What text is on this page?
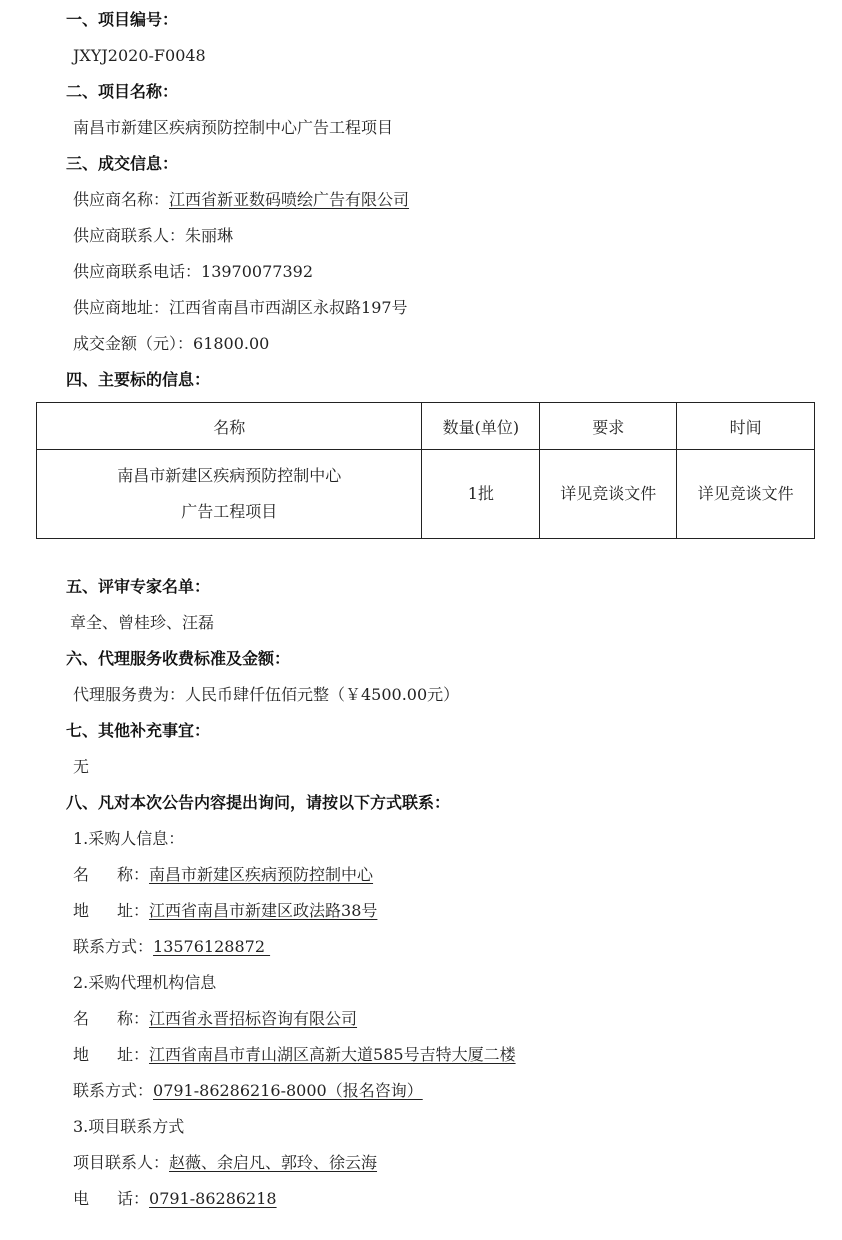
一、项目编号：
JXYJ2020-F0048
二、项目名称：
南昌市新建区疾病预防控制中心广告工程项目
三、成交信息：
供应商名称：江西省新亚数码喷绘广告有限公司
供应商联系人：朱丽琳
供应商联系电话：13970077392
供应商地址：江西省南昌市西湖区永叔路197号
成交金额（元）：61800.00
四、主要标的信息：
名称	数量(单位)	要求	时间

南昌市新建区疾病预防控制中心
广告工程项目	1批	详见竞谈文件	详见竞谈文件
五、评审专家名单：
章全、曾桂珍、汪磊
六、代理服务收费标准及金额：
代理服务费为：人民币肆仟伍佰元整（￥4500.00元）
七、其他补充事宜：
无
八、凡对本次公告内容提出询问，请按以下方式联系：
1.采购人信息：
名 称：南昌市新建区疾病预防控制中心
地 址：江西省南昌市新建区政法路38号
联系方式：13576128872
2.采购代理机构信息
名 称：江西省永晋招标咨询有限公司
地 址：江西省南昌市青山湖区高新大道585号吉特大厦二楼
联系方式：0791-86286216-8000（报名咨询）
3.项目联系方式
项目联系人：赵薇、余启凡、郭玲、徐云海
电 话：0791-86286218
